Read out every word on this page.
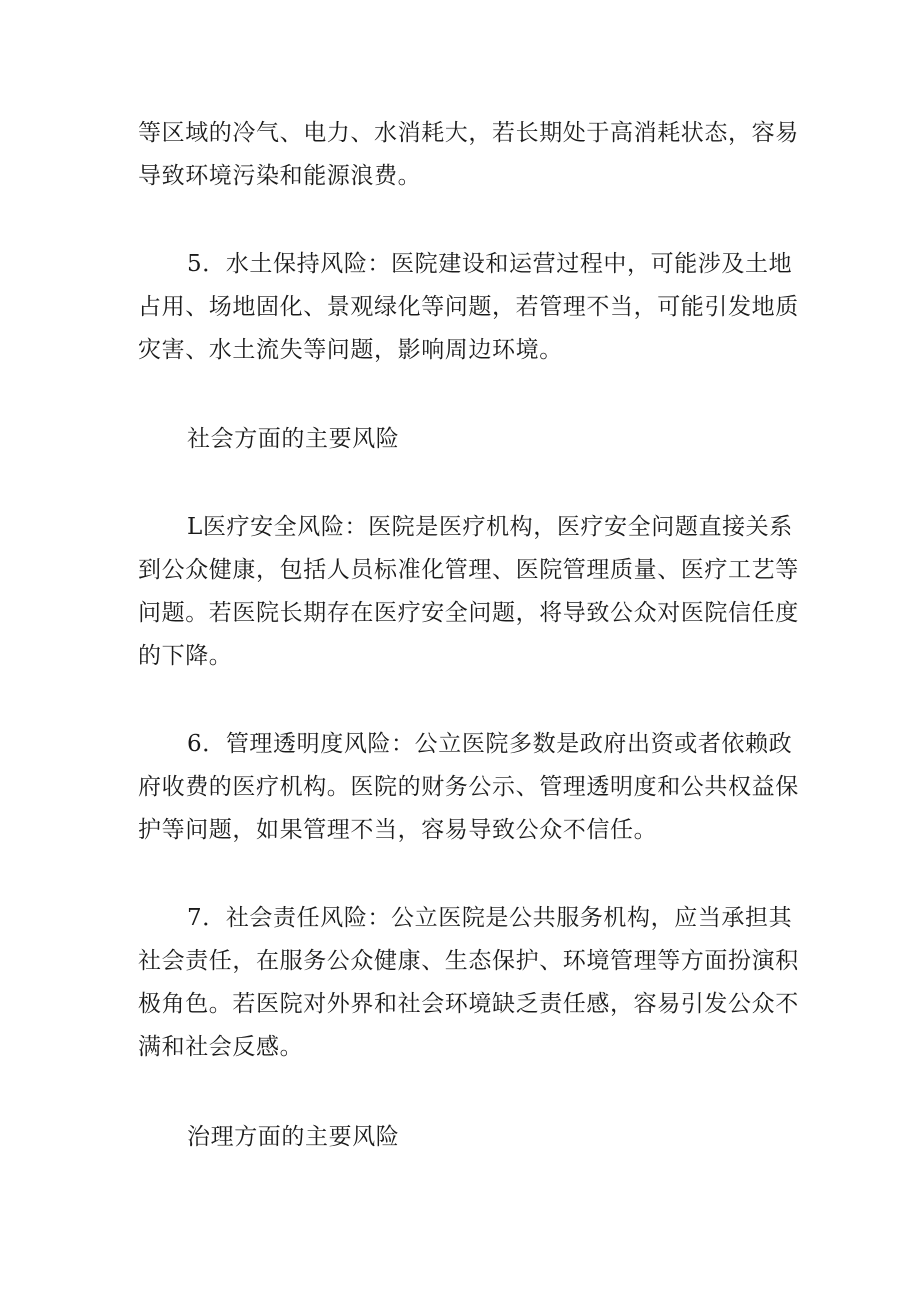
等区域的冷气、电力、水消耗大，若长期处于高消耗状态，容易
导致环境污染和能源浪费。
5．水土保持风险：医院建设和运营过程中，可能涉及土地
占用、场地固化、景观绿化等问题，若管理不当，可能引发地质
灾害、水土流失等问题，影响周边环境。
社会方面的主要风险
L医疗安全风险：医院是医疗机构，医疗安全问题直接关系
到公众健康，包括人员标准化管理、医院管理质量、医疗工艺等
问题。若医院长期存在医疗安全问题，将导致公众对医院信任度
的下降。
6．管理透明度风险：公立医院多数是政府出资或者依赖政
府收费的医疗机构。医院的财务公示、管理透明度和公共权益保
护等问题，如果管理不当，容易导致公众不信任。
7．社会责任风险：公立医院是公共服务机构，应当承担其
社会责任，在服务公众健康、生态保护、环境管理等方面扮演积
极角色。若医院对外界和社会环境缺乏责任感，容易引发公众不
满和社会反感。
治理方面的主要风险
